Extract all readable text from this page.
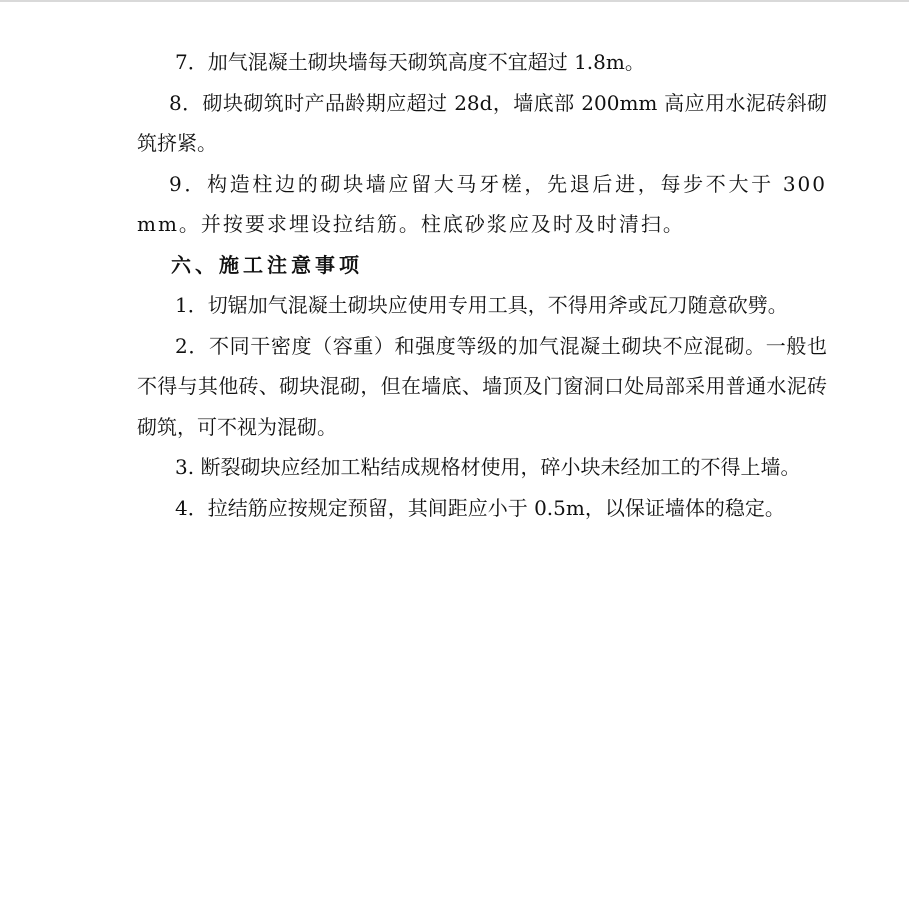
7．加气混凝土砌块墙每天砌筑高度不宜超过 1.8m。

8．砌块砌筑时产品龄期应超过 28d，墙底部 200mm 高应用水泥砖斜砌筑挤紧。

9．构造柱边的砌块墙应留大马牙槎，先退后进，每步不大于 300mm。并按要求埋设拉结筋。柱底砂浆应及时及时清扫。

六、施工注意事项

1．切锯加气混凝土砌块应使用专用工具，不得用斧或瓦刀随意砍劈。

2．不同干密度（容重）和强度等级的加气混凝土砌块不应混砌。一般也不得与其他砖、砌块混砌，但在墙底、墙顶及门窗洞口处局部采用普通水泥砖砌筑，可不视为混砌。

3. 断裂砌块应经加工粘结成规格材使用，碎小块未经加工的不得上墙。

4．拉结筋应按规定预留，其间距应小于 0.5m，以保证墙体的稳定。
